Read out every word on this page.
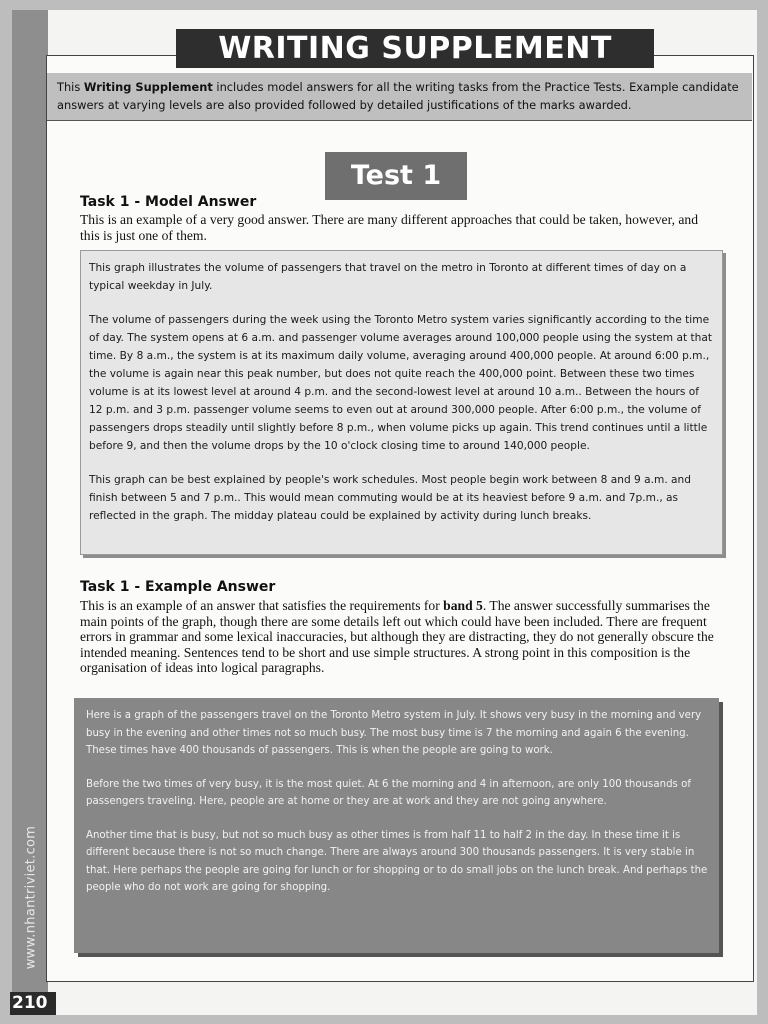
www.nhantriviet.com
WRITING SUPPLEMENT
This Writing Supplement includes model answers for all the writing tasks from the Practice Tests. Example candidate answers at varying levels are also provided followed by detailed justifications of the marks awarded.
Test 1
Task 1 - Model Answer
This is an example of a very good answer. There are many different approaches that could be taken, however, and this is just one of them.

This graph illustrates the volume of passengers that travel on the metro in Toronto at different times of day on a typical weekday in July.

The volume of passengers during the week using the Toronto Metro system varies significantly according to the time of day. The system opens at 6 a.m. and passenger volume averages around 100,000 people using the system at that time. By 8 a.m., the system is at its maximum daily volume, averaging around 400,000 people. At around 6:00 p.m., the volume is again near this peak number, but does not quite reach the 400,000 point. Between these two times volume is at its lowest level at around 4 p.m. and the second-lowest level at around 10 a.m.. Between the hours of 12 p.m. and 3 p.m. passenger volume seems to even out at around 300,000 people. After 6:00 p.m., the volume of passengers drops steadily until slightly before 8 p.m., when volume picks up again. This trend continues until a little before 9, and then the volume drops by the 10 o'clock closing time to around 140,000 people.

This graph can be best explained by people's work schedules. Most people begin work between 8 and 9 a.m. and finish between 5 and 7 p.m.. This would mean commuting would be at its heaviest before 9 a.m. and 7p.m., as reflected in the graph. The midday plateau could be explained by activity during lunch breaks.

Task 1 - Example Answer
This is an example of an answer that satisfies the requirements for band 5. The answer successfully summarises the main points of the graph, though there are some details left out which could have been included. There are frequent errors in grammar and some lexical inaccuracies, but although they are distracting, they do not generally obscure the intended meaning. Sentences tend to be short and use simple structures. A strong point in this composition is the organisation of ideas into logical paragraphs.

Here is a graph of the passengers travel on the Toronto Metro system in July. It shows very busy in the morning and very busy in the evening and other times not so much busy. The most busy time is 7 the morning and again 6 the evening. These times have 400 thousands of passengers. This is when the people are going to work.

Before the two times of very busy, it is the most quiet. At 6 the morning and 4 in afternoon, are only 100 thousands of passengers traveling. Here, people are at home or they are at work and they are not going anywhere.

Another time that is busy, but not so much busy as other times is from half 11 to half 2 in the day. In these time it is different because there is not so much change. There are always around 300 thousands passengers. It is very stable in that. Here perhaps the people are going for lunch or for shopping or to do small jobs on the lunch break. And perhaps the people who do not work are going for shopping.

210
